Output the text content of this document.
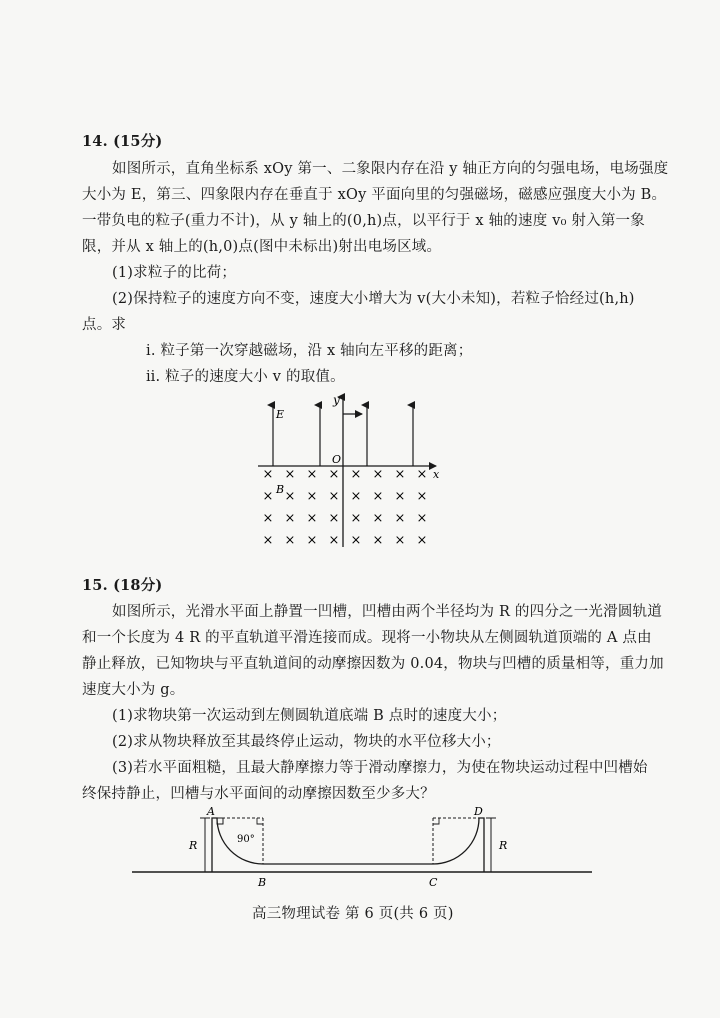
14. (15分)
如图所示，直角坐标系 xOy 第一、二象限内存在沿 y 轴正方向的匀强电场，电场强度
大小为 E，第三、四象限内存在垂直于 xOy 平面向里的匀强磁场，磁感应强度大小为 B。
一带负电的粒子(重力不计)，从 y 轴上的(0,h)点，以平行于 x 轴的速度 v₀ 射入第一象
限，并从 x 轴上的(h,0)点(图中未标出)射出电场区域。
(1)求粒子的比荷；
(2)保持粒子的速度方向不变，速度大小增大为 v(大小未知)，若粒子恰经过(h,h)
点。求
ⅰ. 粒子第一次穿越磁场，沿 x 轴向左平移的距离；
ⅱ. 粒子的速度大小 v 的取值。
E
y
x
O
B
× × × × × × × ×
× × × × × × × ×
× × × × × × × ×
× × × × × × × ×
15. (18分)
如图所示，光滑水平面上静置一凹槽，凹槽由两个半径均为 R 的四分之一光滑圆轨道
和一个长度为 4 R 的平直轨道平滑连接而成。现将一小物块从左侧圆轨道顶端的 A 点由
静止释放，已知物块与平直轨道间的动摩擦因数为 0.04，物块与凹槽的质量相等，重力加
速度大小为 g。
(1)求物块第一次运动到左侧圆轨道底端 B 点时的速度大小；
(2)求从物块释放至其最终停止运动，物块的水平位移大小；
(3)若水平面粗糙，且最大静摩擦力等于滑动摩擦力，为使在物块运动过程中凹槽始
终保持静止，凹槽与水平面间的动摩擦因数至少多大？
A	D
B	C
R	R
90°
高三物理试卷 第 6 页(共 6 页)
